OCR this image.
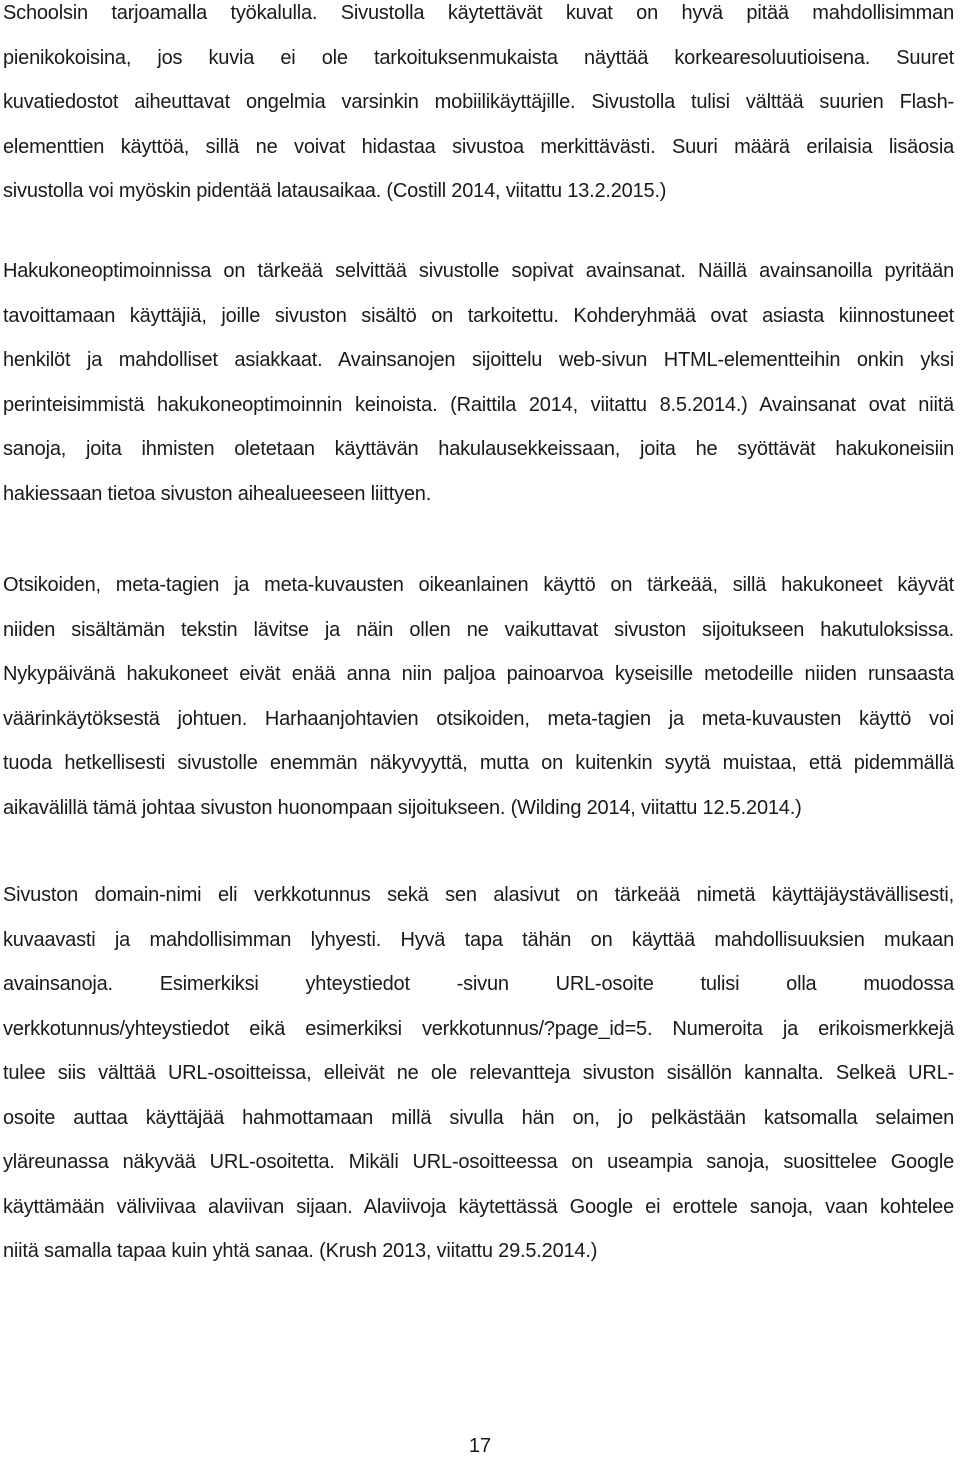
Schoolsin tarjoamalla työkalulla. Sivustolla käytettävät kuvat on hyvä pitää mahdollisimman
pienikokoisina, jos kuvia ei ole tarkoituksenmukaista näyttää korkearesoluutioisena. Suuret
kuvatiedostot aiheuttavat ongelmia varsinkin mobiilikäyttäjille. Sivustolla tulisi välttää suurien Flash-
elementtien käyttöä, sillä ne voivat hidastaa sivustoa merkittävästi. Suuri määrä erilaisia lisäosia
sivustolla voi myöskin pidentää latausaikaa. (Costill 2014, viitattu 13.2.2015.)
Hakukoneoptimoinnissa on tärkeää selvittää sivustolle sopivat avainsanat. Näillä avainsanoilla pyritään
tavoittamaan käyttäjiä, joille sivuston sisältö on tarkoitettu. Kohderyhmää ovat asiasta kiinnostuneet
henkilöt ja mahdolliset asiakkaat. Avainsanojen sijoittelu web-sivun HTML-elementteihin onkin yksi
perinteisimmistä hakukoneoptimoinnin keinoista. (Raittila 2014, viitattu 8.5.2014.) Avainsanat ovat niitä
sanoja, joita ihmisten oletetaan käyttävän hakulausekkeissaan, joita he syöttävät hakukoneisiin
hakiessaan tietoa sivuston aihealueeseen liittyen.
Otsikoiden, meta-tagien ja meta-kuvausten oikeanlainen käyttö on tärkeää, sillä hakukoneet käyvät
niiden sisältämän tekstin lävitse ja näin ollen ne vaikuttavat sivuston sijoitukseen hakutuloksissa.
Nykypäivänä hakukoneet eivät enää anna niin paljoa painoarvoa kyseisille metodeille niiden runsaasta
väärinkäytöksestä johtuen. Harhaanjohtavien otsikoiden, meta-tagien ja meta-kuvausten käyttö voi
tuoda hetkellisesti sivustolle enemmän näkyvyyttä, mutta on kuitenkin syytä muistaa, että pidemmällä
aikavälillä tämä johtaa sivuston huonompaan sijoitukseen. (Wilding 2014, viitattu 12.5.2014.)
Sivuston domain-nimi eli verkkotunnus sekä sen alasivut on tärkeää nimetä käyttäjäystävällisesti,
kuvaavasti ja mahdollisimman lyhyesti. Hyvä tapa tähän on käyttää mahdollisuuksien mukaan
avainsanoja. Esimerkiksi yhteystiedot -sivun URL-osoite tulisi olla muodossa
verkkotunnus/yhteystiedot eikä esimerkiksi verkkotunnus/?page_id=5. Numeroita ja erikoismerkkejä
tulee siis välttää URL-osoitteissa, elleivät ne ole relevantteja sivuston sisällön kannalta. Selkeä URL-
osoite auttaa käyttäjää hahmottamaan millä sivulla hän on, jo pelkästään katsomalla selaimen
yläreunassa näkyvää URL-osoitetta. Mikäli URL-osoitteessa on useampia sanoja, suosittelee Google
käyttämään väliviivaa alaviivan sijaan. Alaviivoja käytettässä Google ei erottele sanoja, vaan kohtelee
niitä samalla tapaa kuin yhtä sanaa. (Krush 2013, viitattu 29.5.2014.)
17
